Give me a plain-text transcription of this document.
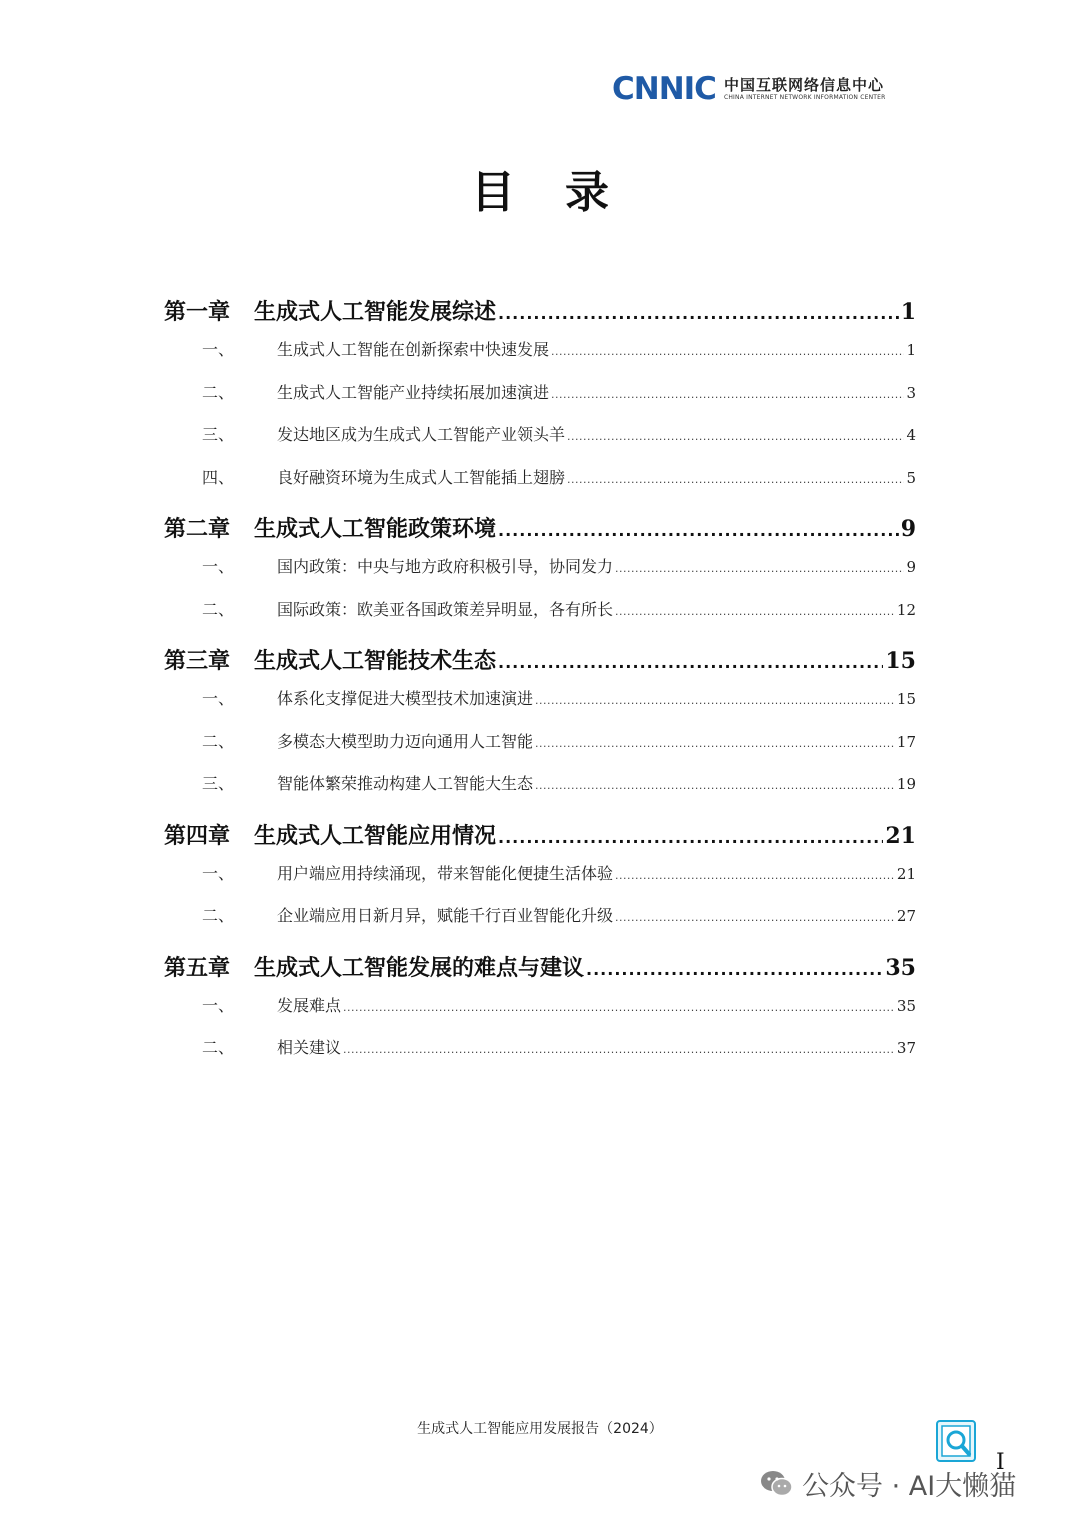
CNNIC 中国互联网络信息中心
CHINA INTERNET NETWORK INFORMATION CENTER
目录
第一章	生成式人工智能发展综述 .....	1
一、	生成式人工智能在创新探索中快速发展 .....	1
二、	生成式人工智能产业持续拓展加速演进 .....	3
三、	发达地区成为生成式人工智能产业领头羊 .....	4
四、	良好融资环境为生成式人工智能插上翅膀 .....	5
第二章	生成式人工智能政策环境 .....	9
一、	国内政策：中央与地方政府积极引导，协同发力 .....	9
二、	国际政策：欧美亚各国政策差异明显，各有所长 .....	12
第三章	生成式人工智能技术生态 .....	15
一、	体系化支撑促进大模型技术加速演进 .....	15
二、	多模态大模型助力迈向通用人工智能 .....	17
三、	智能体繁荣推动构建人工智能大生态 .....	19
第四章	生成式人工智能应用情况 .....	21
一、	用户端应用持续涌现，带来智能化便捷生活体验 .....	21
二、	企业端应用日新月异，赋能千行百业智能化升级 .....	27
第五章	生成式人工智能发展的难点与建议 .....	35
一、	发展难点 .....	35
二、	相关建议 .....	37
生成式人工智能应用发展报告（2024）
I
公众号 · AI大懒猫
